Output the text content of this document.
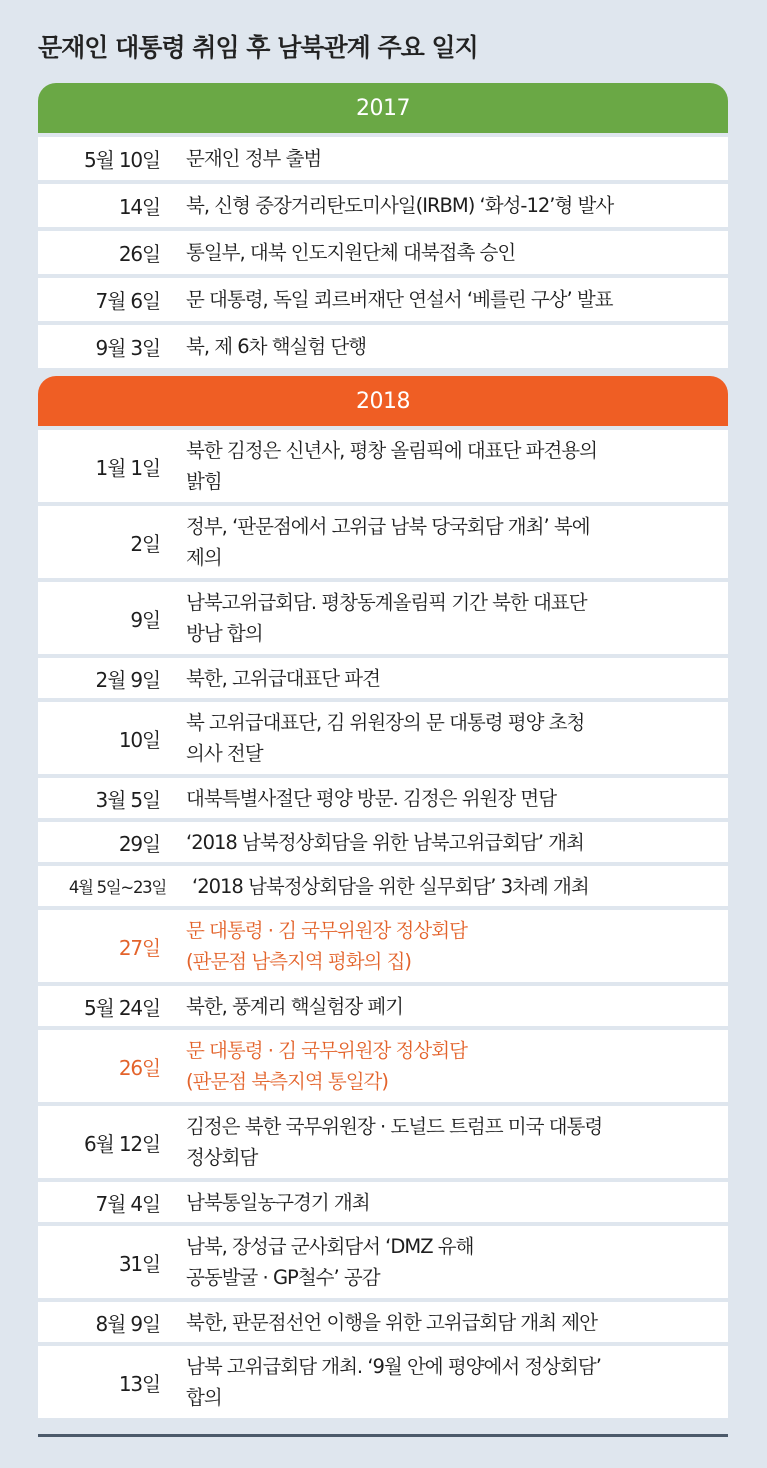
문재인 대통령 취임 후 남북관계 주요 일지
2017
5월 10일 문재인 정부 출범
14일 북, 신형 중장거리탄도미사일(IRBM) ‘화성-12’형 발사
26일 통일부, 대북 인도지원단체 대북접촉 승인
7월 6일 문 대통령, 독일 쾨르버재단 연설서 ‘베를린 구상’ 발표
9월 3일 북, 제 6차 핵실험 단행
2018
1월 1일
북한 김정은 신년사, 평창 올림픽에 대표단 파견용의
밝힘
2일
정부, ‘판문점에서 고위급 남북 당국회담 개최’ 북에
제의
9일
남북고위급회담. 평창동계올림픽 기간 북한 대표단
방남 합의
2월 9일 북한, 고위급대표단 파견
10일
북 고위급대표단, 김 위원장의 문 대통령 평양 초청
의사 전달
3월 5일 대북특별사절단 평양 방문. 김정은 위원장 면담
29일 ‘2018 남북정상회담을 위한 남북고위급회담’ 개최
4월 5일~23일 ‘2018 남북정상회담을 위한 실무회담’ 3차례 개최
27일
문 대통령 · 김 국무위원장 정상회담
(판문점 남측지역 평화의 집)
5월 24일 북한, 풍계리 핵실험장 폐기
26일
문 대통령 · 김 국무위원장 정상회담
(판문점 북측지역 통일각)
6월 12일
김정은 북한 국무위원장 · 도널드 트럼프 미국 대통령
정상회담
7월 4일 남북통일농구경기 개최
31일
남북, 장성급 군사회담서 ‘DMZ 유해
공동발굴 · GP철수’ 공감
8월 9일 북한, 판문점선언 이행을 위한 고위급회담 개최 제안
13일
남북 고위급회담 개최. ‘9월 안에 평양에서 정상회담’
합의
